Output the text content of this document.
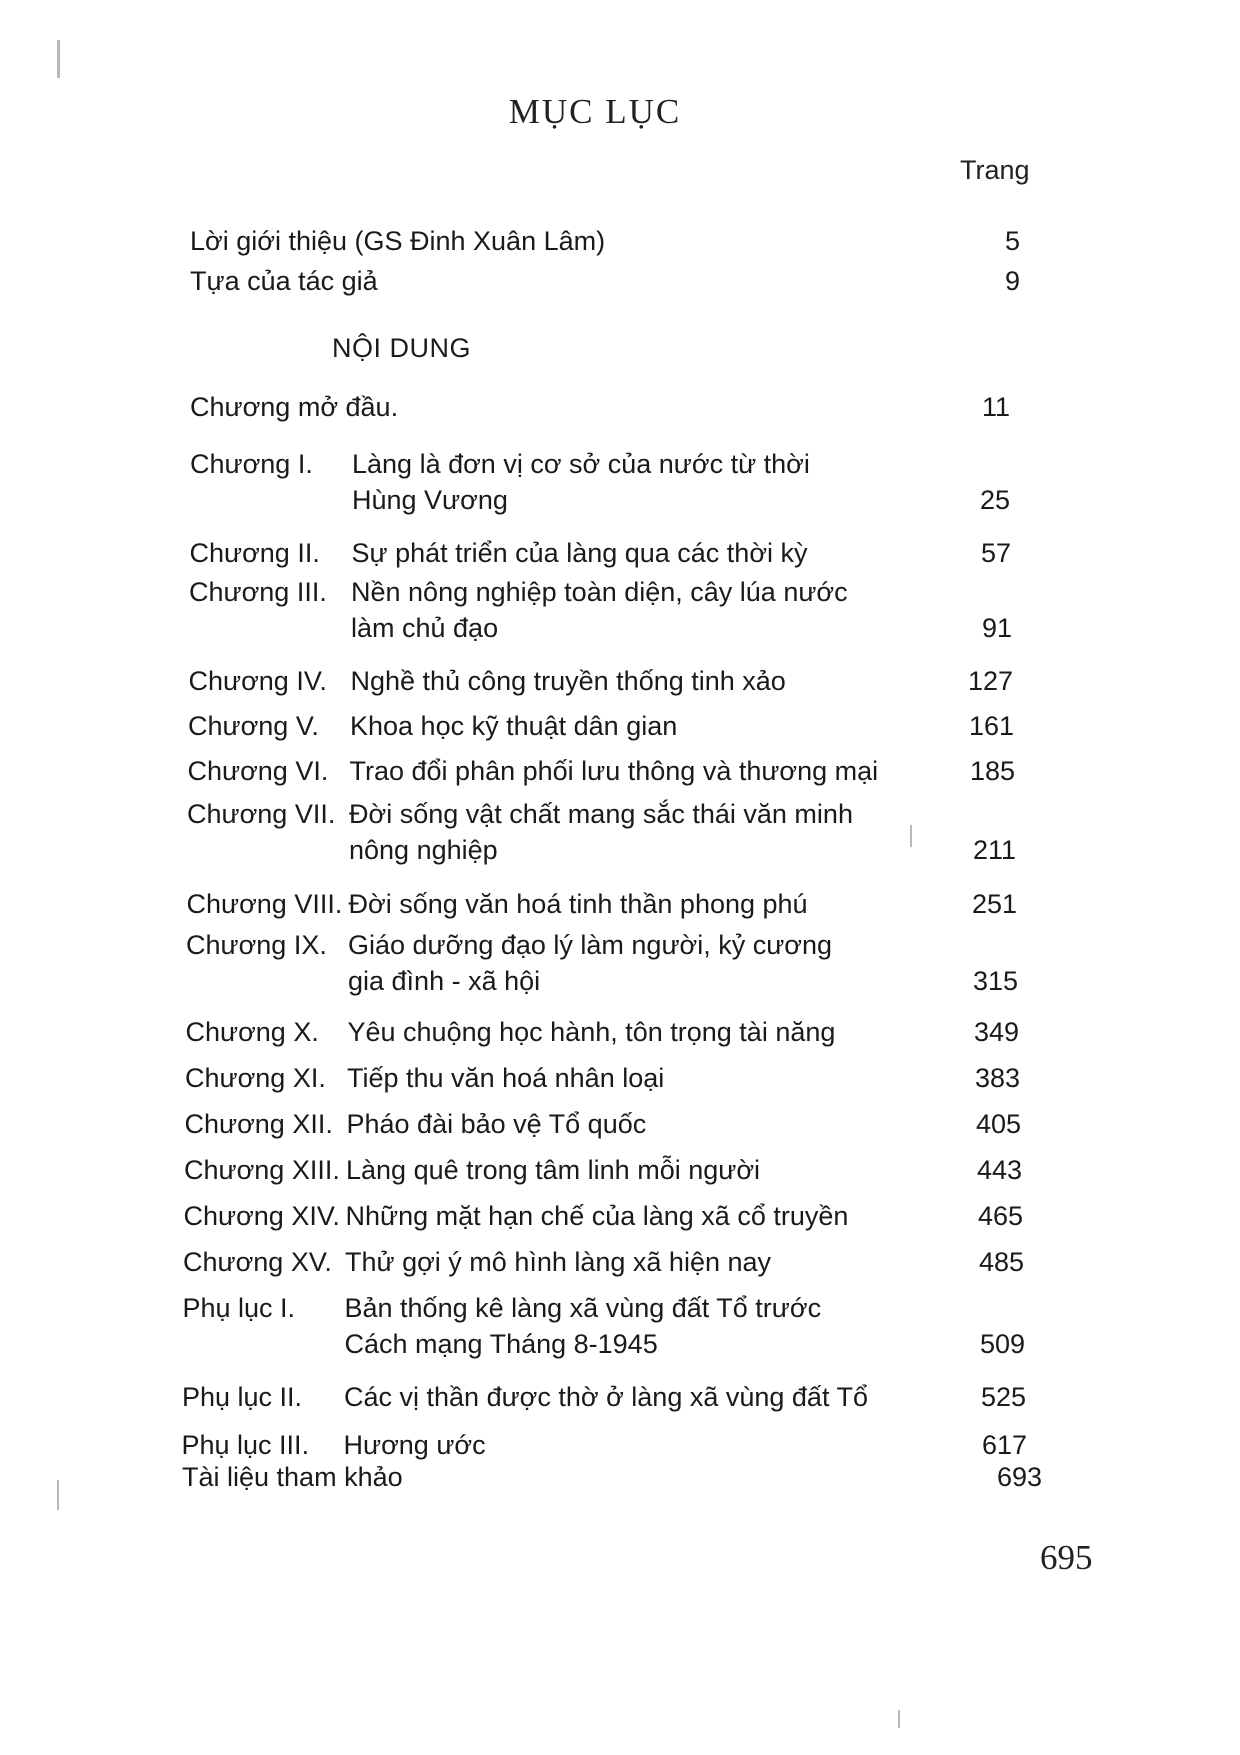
MỤC LỤC
Trang
Lời giới thiệu (GS Đinh Xuân Lâm)	5
Tựa của tác giả	9
NỘI DUNG
Chương mở đầu.	11
Chương I. Làng là đơn vị cơ sở của nước từ thời
Hùng Vương	25
Chương II. Sự phát triển của làng qua các thời kỳ	57
Chương III. Nền nông nghiệp toàn diện, cây lúa nước
làm chủ đạo	91
Chương IV. Nghề thủ công truyền thống tinh xảo	127
Chương V. Khoa học kỹ thuật dân gian	161
Chương VI. Trao đổi phân phối lưu thông và thương mại	185
Chương VII. Đời sống vật chất mang sắc thái văn minh
nông nghiệp	211
Chương VIII. Đời sống văn hoá tinh thần phong phú	251
Chương IX. Giáo dưỡng đạo lý làm người, kỷ cương
gia đình - xã hội	315
Chương X. Yêu chuộng học hành, tôn trọng tài năng	349
Chương XI. Tiếp thu văn hoá nhân loại	383
Chương XII. Pháo đài bảo vệ Tổ quốc	405
Chương XIII. Làng quê trong tâm linh mỗi người	443
Chương XIV. Những mặt hạn chế của làng xã cổ truyền	465
Chương XV. Thử gợi ý mô hình làng xã hiện nay	485
Phụ lục I. Bản thống kê làng xã vùng đất Tổ trước
Cách mạng Tháng 8-1945	509
Phụ lục II. Các vị thần được thờ ở làng xã vùng đất Tổ	525
Phụ lục III. Hương ước	617
Tài liệu tham khảo	693
695
